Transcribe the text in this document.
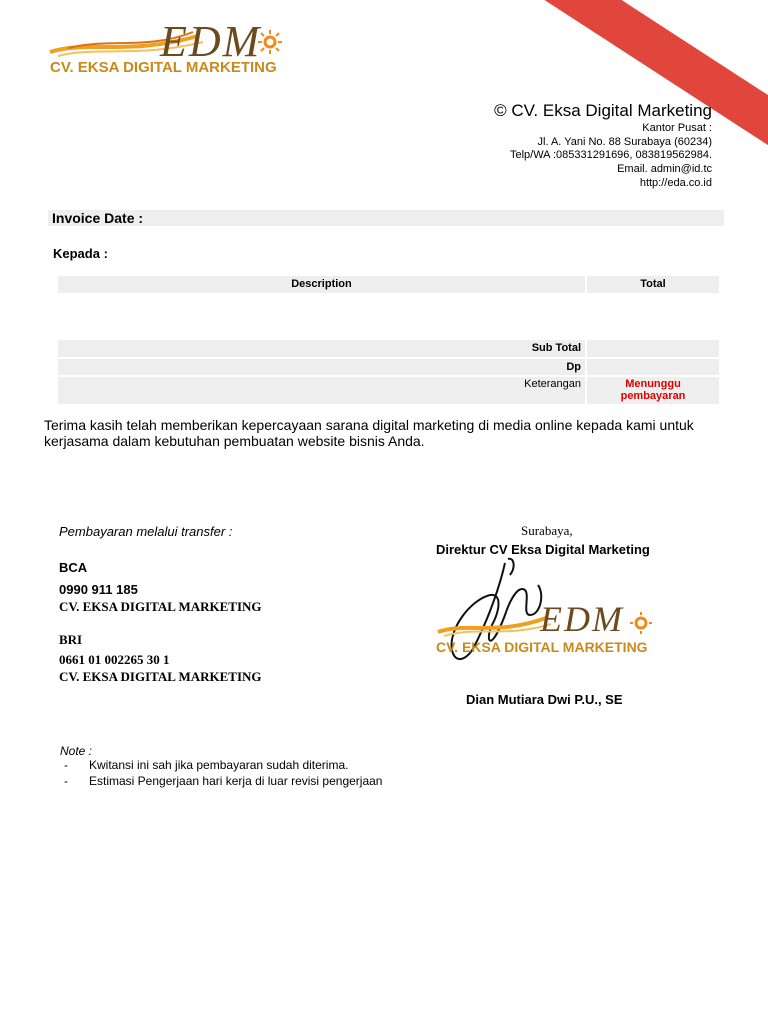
EDM
CV. EKSA DIGITAL MARKETING
© CV. Eksa Digital Marketing
Kantor Pusat :
Jl. A. Yani No. 88 Surabaya (60234)
Telp/WA :085331291696, 083819562984.
Email. admin@id.tc
http://eda.co.id
Invoice Date :
Kepada :
Description	Total
Sub Total
Dp
Keterangan	Menunggu
pembayaran
Terima kasih telah memberikan kepercayaan sarana digital marketing di media online kepada kami untuk
kerjasama dalam kebutuhan pembuatan website bisnis Anda.
Pembayaran melalui transfer :
BCA
0990 911 185
CV. EKSA DIGITAL MARKETING
BRI
0661 01 002265 30 1
CV. EKSA DIGITAL MARKETING
Surabaya,
Direktur CV Eksa Digital Marketing
EDM
CV. EKSA DIGITAL MARKETING
Dian Mutiara Dwi P.U., SE
Note :
- Kwitansi ini sah jika pembayaran sudah diterima.
- Estimasi Pengerjaan hari kerja di luar revisi pengerjaan
